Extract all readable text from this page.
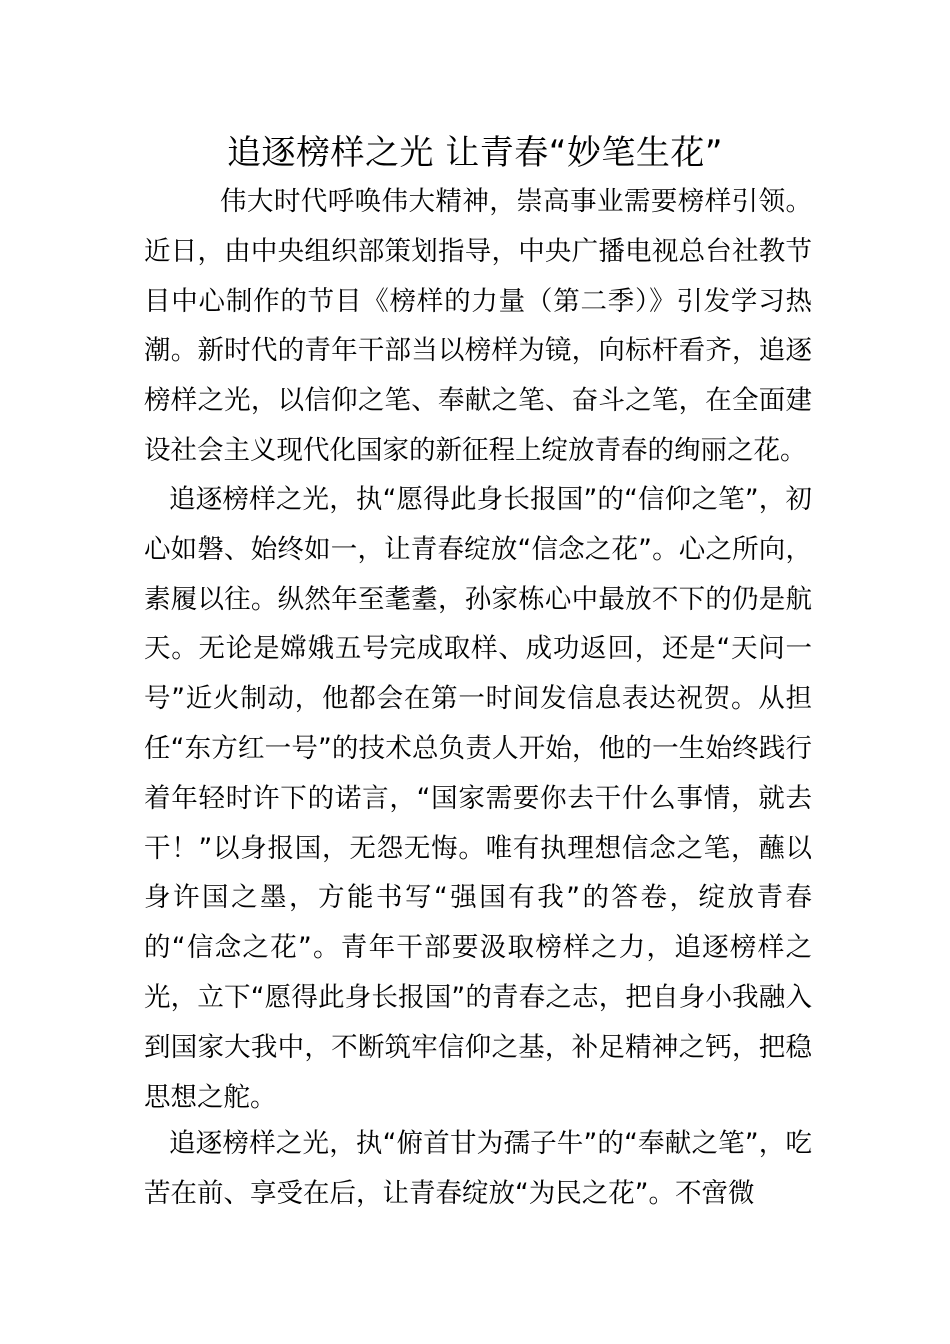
追逐榜样之光 让青春“妙笔生花”

伟大时代呼唤伟大精神，崇高事业需要榜样引领。近日，由中央组织部策划指导，中央广播电视总台社教节目中心制作的节目《榜样的力量（第二季）》引发学习热潮。新时代的青年干部当以榜样为镜，向标杆看齐，追逐榜样之光，以信仰之笔、奉献之笔、奋斗之笔，在全面建设社会主义现代化国家的新征程上绽放青春的绚丽之花。

追逐榜样之光，执“愿得此身长报国”的“信仰之笔”，初心如磐、始终如一，让青春绽放“信念之花”。心之所向，素履以往。纵然年至耄耋，孙家栋心中最放不下的仍是航天。无论是嫦娥五号完成取样、成功返回，还是“天问一号”近火制动，他都会在第一时间发信息表达祝贺。从担任“东方红一号”的技术总负责人开始，他的一生始终践行着年轻时许下的诺言，“国家需要你去干什么事情，就去干！”以身报国，无怨无悔。唯有执理想信念之笔，蘸以身许国之墨，方能书写“强国有我”的答卷，绽放青春的“信念之花”。青年干部要汲取榜样之力，追逐榜样之光，立下“愿得此身长报国”的青春之志，把自身小我融入到国家大我中，不断筑牢信仰之基，补足精神之钙，把稳思想之舵。

追逐榜样之光，执“俯首甘为孺子牛”的“奉献之笔”，吃苦在前、享受在后，让青春绽放“为民之花”。不啻微
